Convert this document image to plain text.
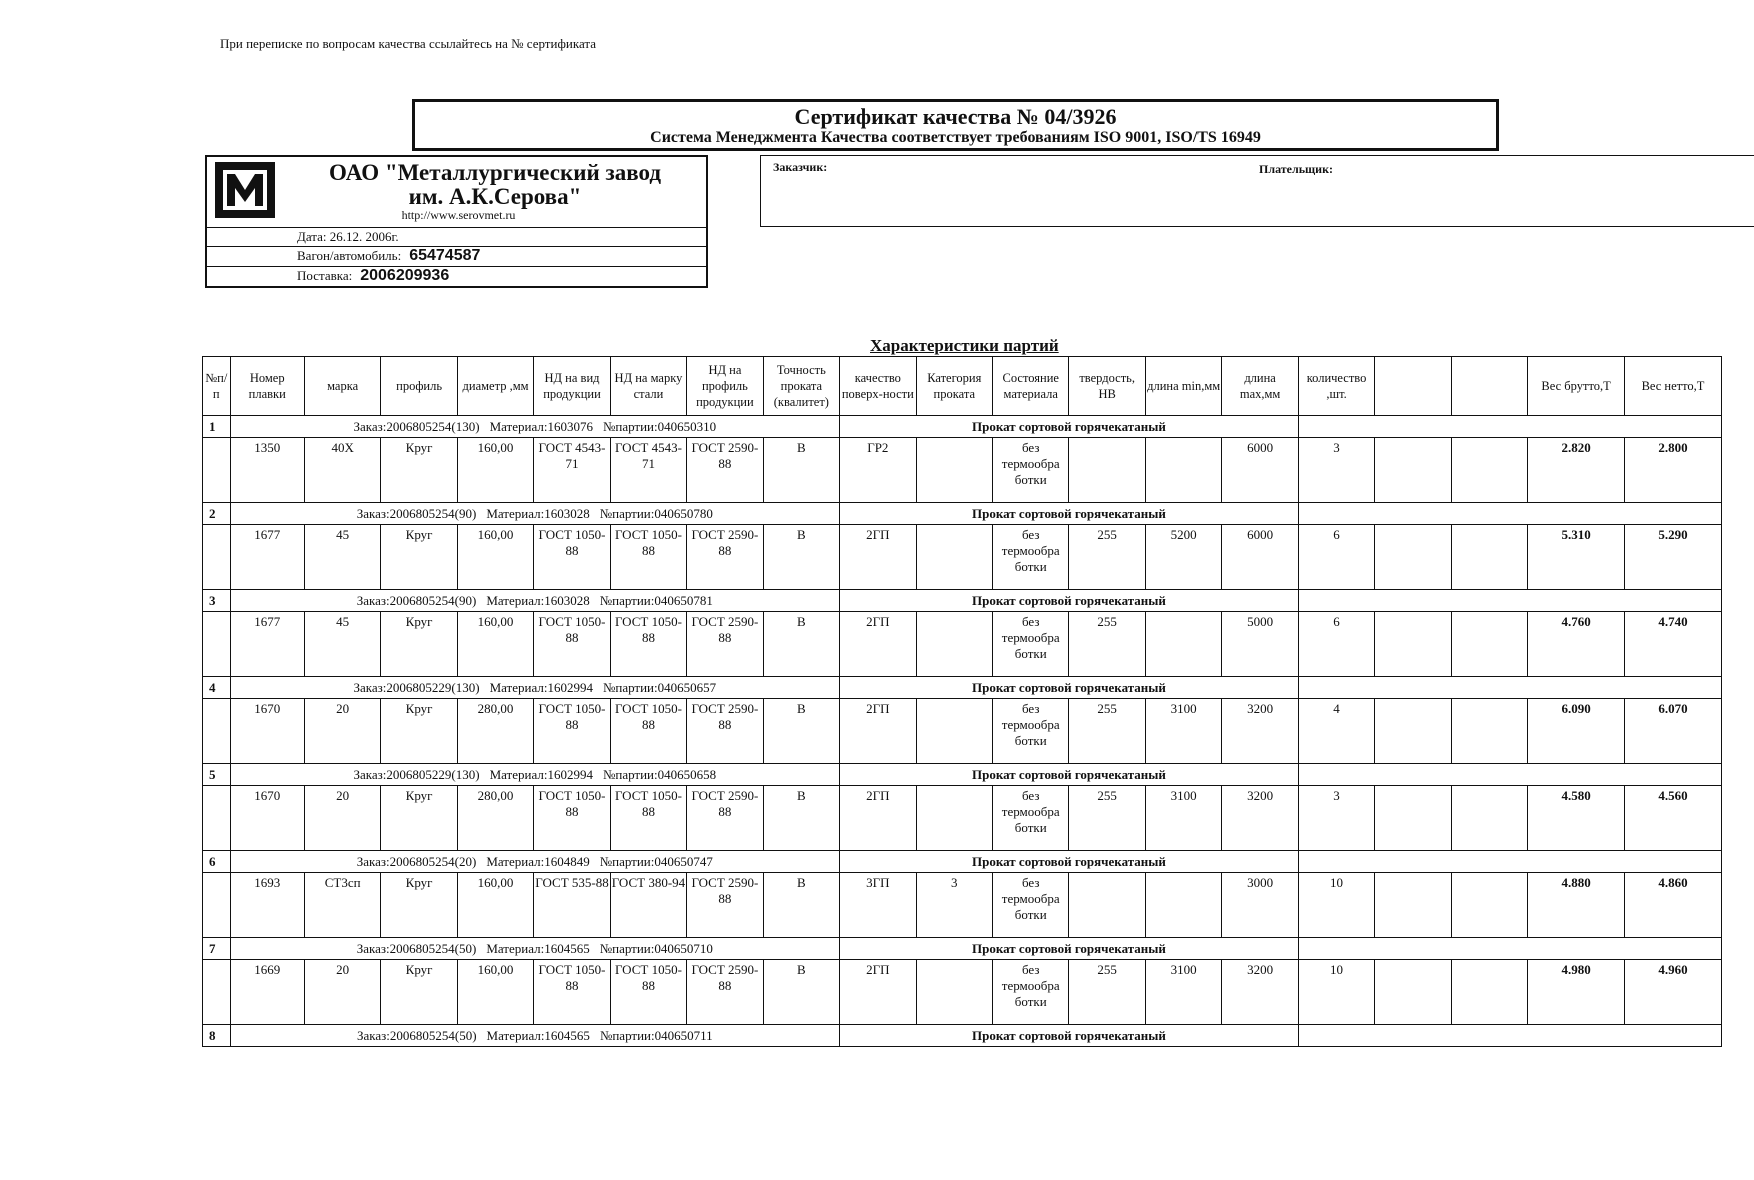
При переписке по вопросам качества ссылайтесь на № сертификата
Сертификат качества № 04/3926
Система Менеджмента Качества соответствует требованиям ISO 9001, ISO/TS 16949
ОАО "Металлургический завод
им. А.К.Серова"
http://www.serovmet.ru
Дата: 26.12. 2006г.
Вагон/автомобиль: 65474587
Поставка: 2006209936
Заказчик:	Плательщик:
Характеристики партий
№п/п	Номер плавки	марка	профиль	диаметр ,мм	НД на вид продукции	НД на марку стали	НД на профиль продукции	Точность проката (квалитет)	качество поверх-ности	Категория проката	Состояние материала	твердость, НВ	длина min,мм	длина max,мм	количество ,шт.			Вес брутто,Т	Вес нетто,Т
1	Заказ:2006805254(130) Материал:1603076 №партии:040650310								Прокат сортовой горячекатаный										
	1350	40Х	Круг	160,00	ГОСТ 4543-71	ГОСТ 4543-71	ГОСТ 2590-88	В	ГР2		без термообра ботки			6000	3			2.820	2.800
2	Заказ:2006805254(90) Материал:1603028 №партии:040650780								Прокат сортовой горячекатаный										
	1677	45	Круг	160,00	ГОСТ 1050-88	ГОСТ 1050-88	ГОСТ 2590-88	В	2ГП		без термообра ботки	255	5200	6000	6			5.310	5.290
3	Заказ:2006805254(90) Материал:1603028 №партии:040650781								Прокат сортовой горячекатаный										
	1677	45	Круг	160,00	ГОСТ 1050-88	ГОСТ 1050-88	ГОСТ 2590-88	В	2ГП		без термообра ботки	255		5000	6			4.760	4.740
4	Заказ:2006805229(130) Материал:1602994 №партии:040650657								Прокат сортовой горячекатаный										
	1670	20	Круг	280,00	ГОСТ 1050-88	ГОСТ 1050-88	ГОСТ 2590-88	В	2ГП		без термообра ботки	255	3100	3200	4			6.090	6.070
5	Заказ:2006805229(130) Материал:1602994 №партии:040650658								Прокат сортовой горячекатаный										
	1670	20	Круг	280,00	ГОСТ 1050-88	ГОСТ 1050-88	ГОСТ 2590-88	В	2ГП		без термообра ботки	255	3100	3200	3			4.580	4.560
6	Заказ:2006805254(20) Материал:1604849 №партии:040650747								Прокат сортовой горячекатаный										
	1693	СТ3сп	Круг	160,00	ГОСТ 535-88	ГОСТ 380-94	ГОСТ 2590-88	В	3ГП	3	без термообра ботки			3000	10			4.880	4.860
7	Заказ:2006805254(50) Материал:1604565 №партии:040650710								Прокат сортовой горячекатаный										
	1669	20	Круг	160,00	ГОСТ 1050-88	ГОСТ 1050-88	ГОСТ 2590-88	В	2ГП		без термообра ботки	255	3100	3200	10			4.980	4.960
8	Заказ:2006805254(50) Материал:1604565 №партии:040650711								Прокат сортовой горячекатаный										
